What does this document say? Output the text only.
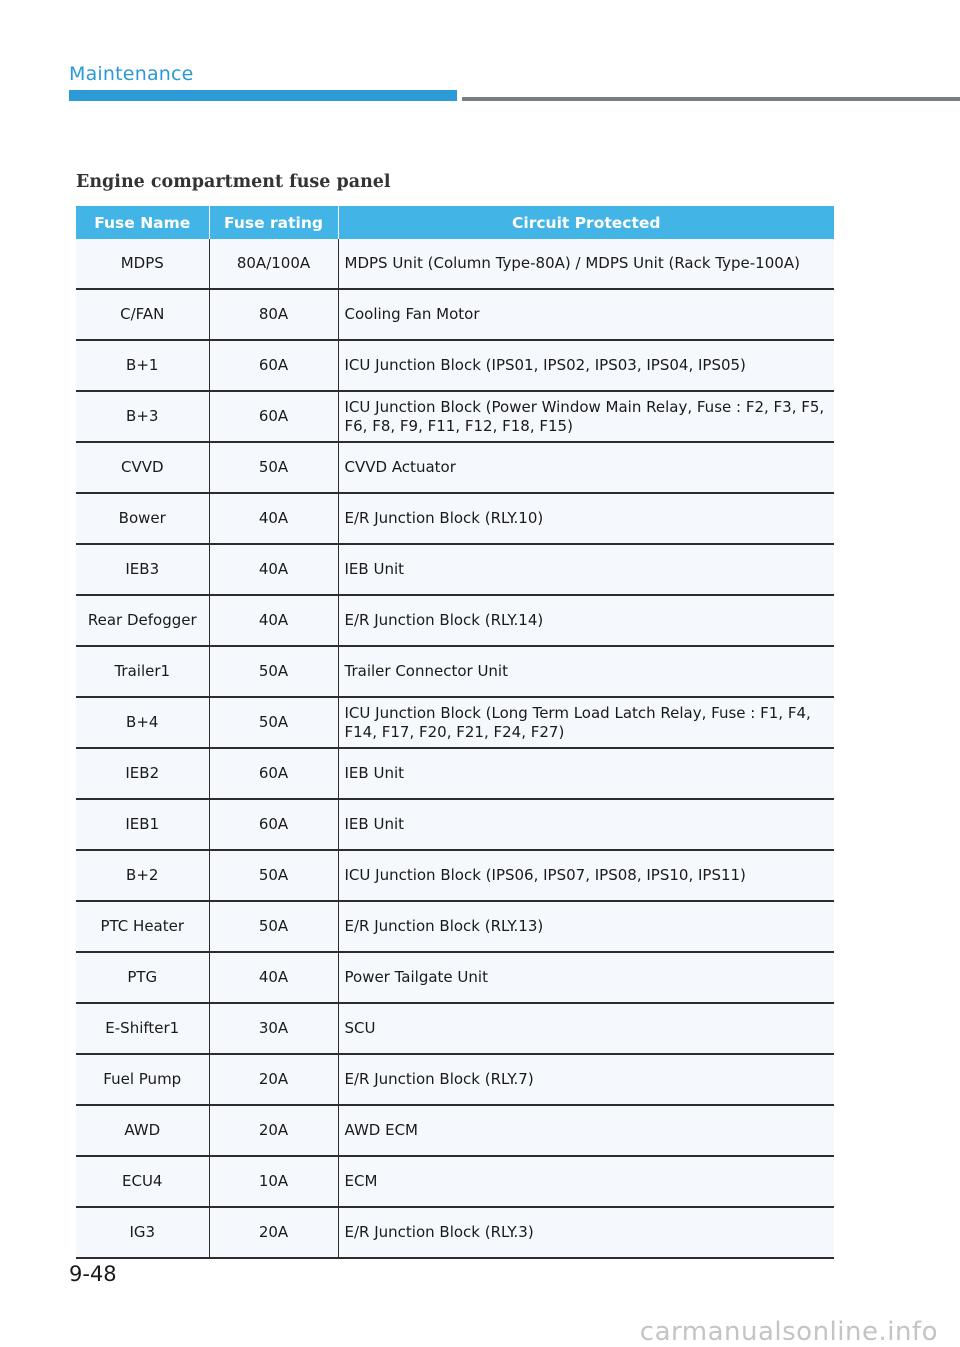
Maintenance
Engine compartment fuse panel
Fuse Name	Fuse rating	Circuit Protected
MDPS	80A/100A	MDPS Unit (Column Type-80A) / MDPS Unit (Rack Type-100A)
C/FAN	80A	Cooling Fan Motor
B+1	60A	ICU Junction Block (IPS01, IPS02, IPS03, IPS04, IPS05)
B+3	60A	ICU Junction Block (Power Window Main Relay, Fuse : F2, F3, F5, F6, F8, F9, F11, F12, F18, F15)
CVVD	50A	CVVD Actuator
Bower	40A	E/R Junction Block (RLY.10)
IEB3	40A	IEB Unit
Rear Defogger	40A	E/R Junction Block (RLY.14)
Trailer1	50A	Trailer Connector Unit
B+4	50A	ICU Junction Block (Long Term Load Latch Relay, Fuse : F1, F4, F14, F17, F20, F21, F24, F27)
IEB2	60A	IEB Unit
IEB1	60A	IEB Unit
B+2	50A	ICU Junction Block (IPS06, IPS07, IPS08, IPS10, IPS11)
PTC Heater	50A	E/R Junction Block (RLY.13)
PTG	40A	Power Tailgate Unit
E-Shifter1	30A	SCU
Fuel Pump	20A	E/R Junction Block (RLY.7)
AWD	20A	AWD ECM
ECU4	10A	ECM
IG3	20A	E/R Junction Block (RLY.3)
9-48
carmanualsonline.info
